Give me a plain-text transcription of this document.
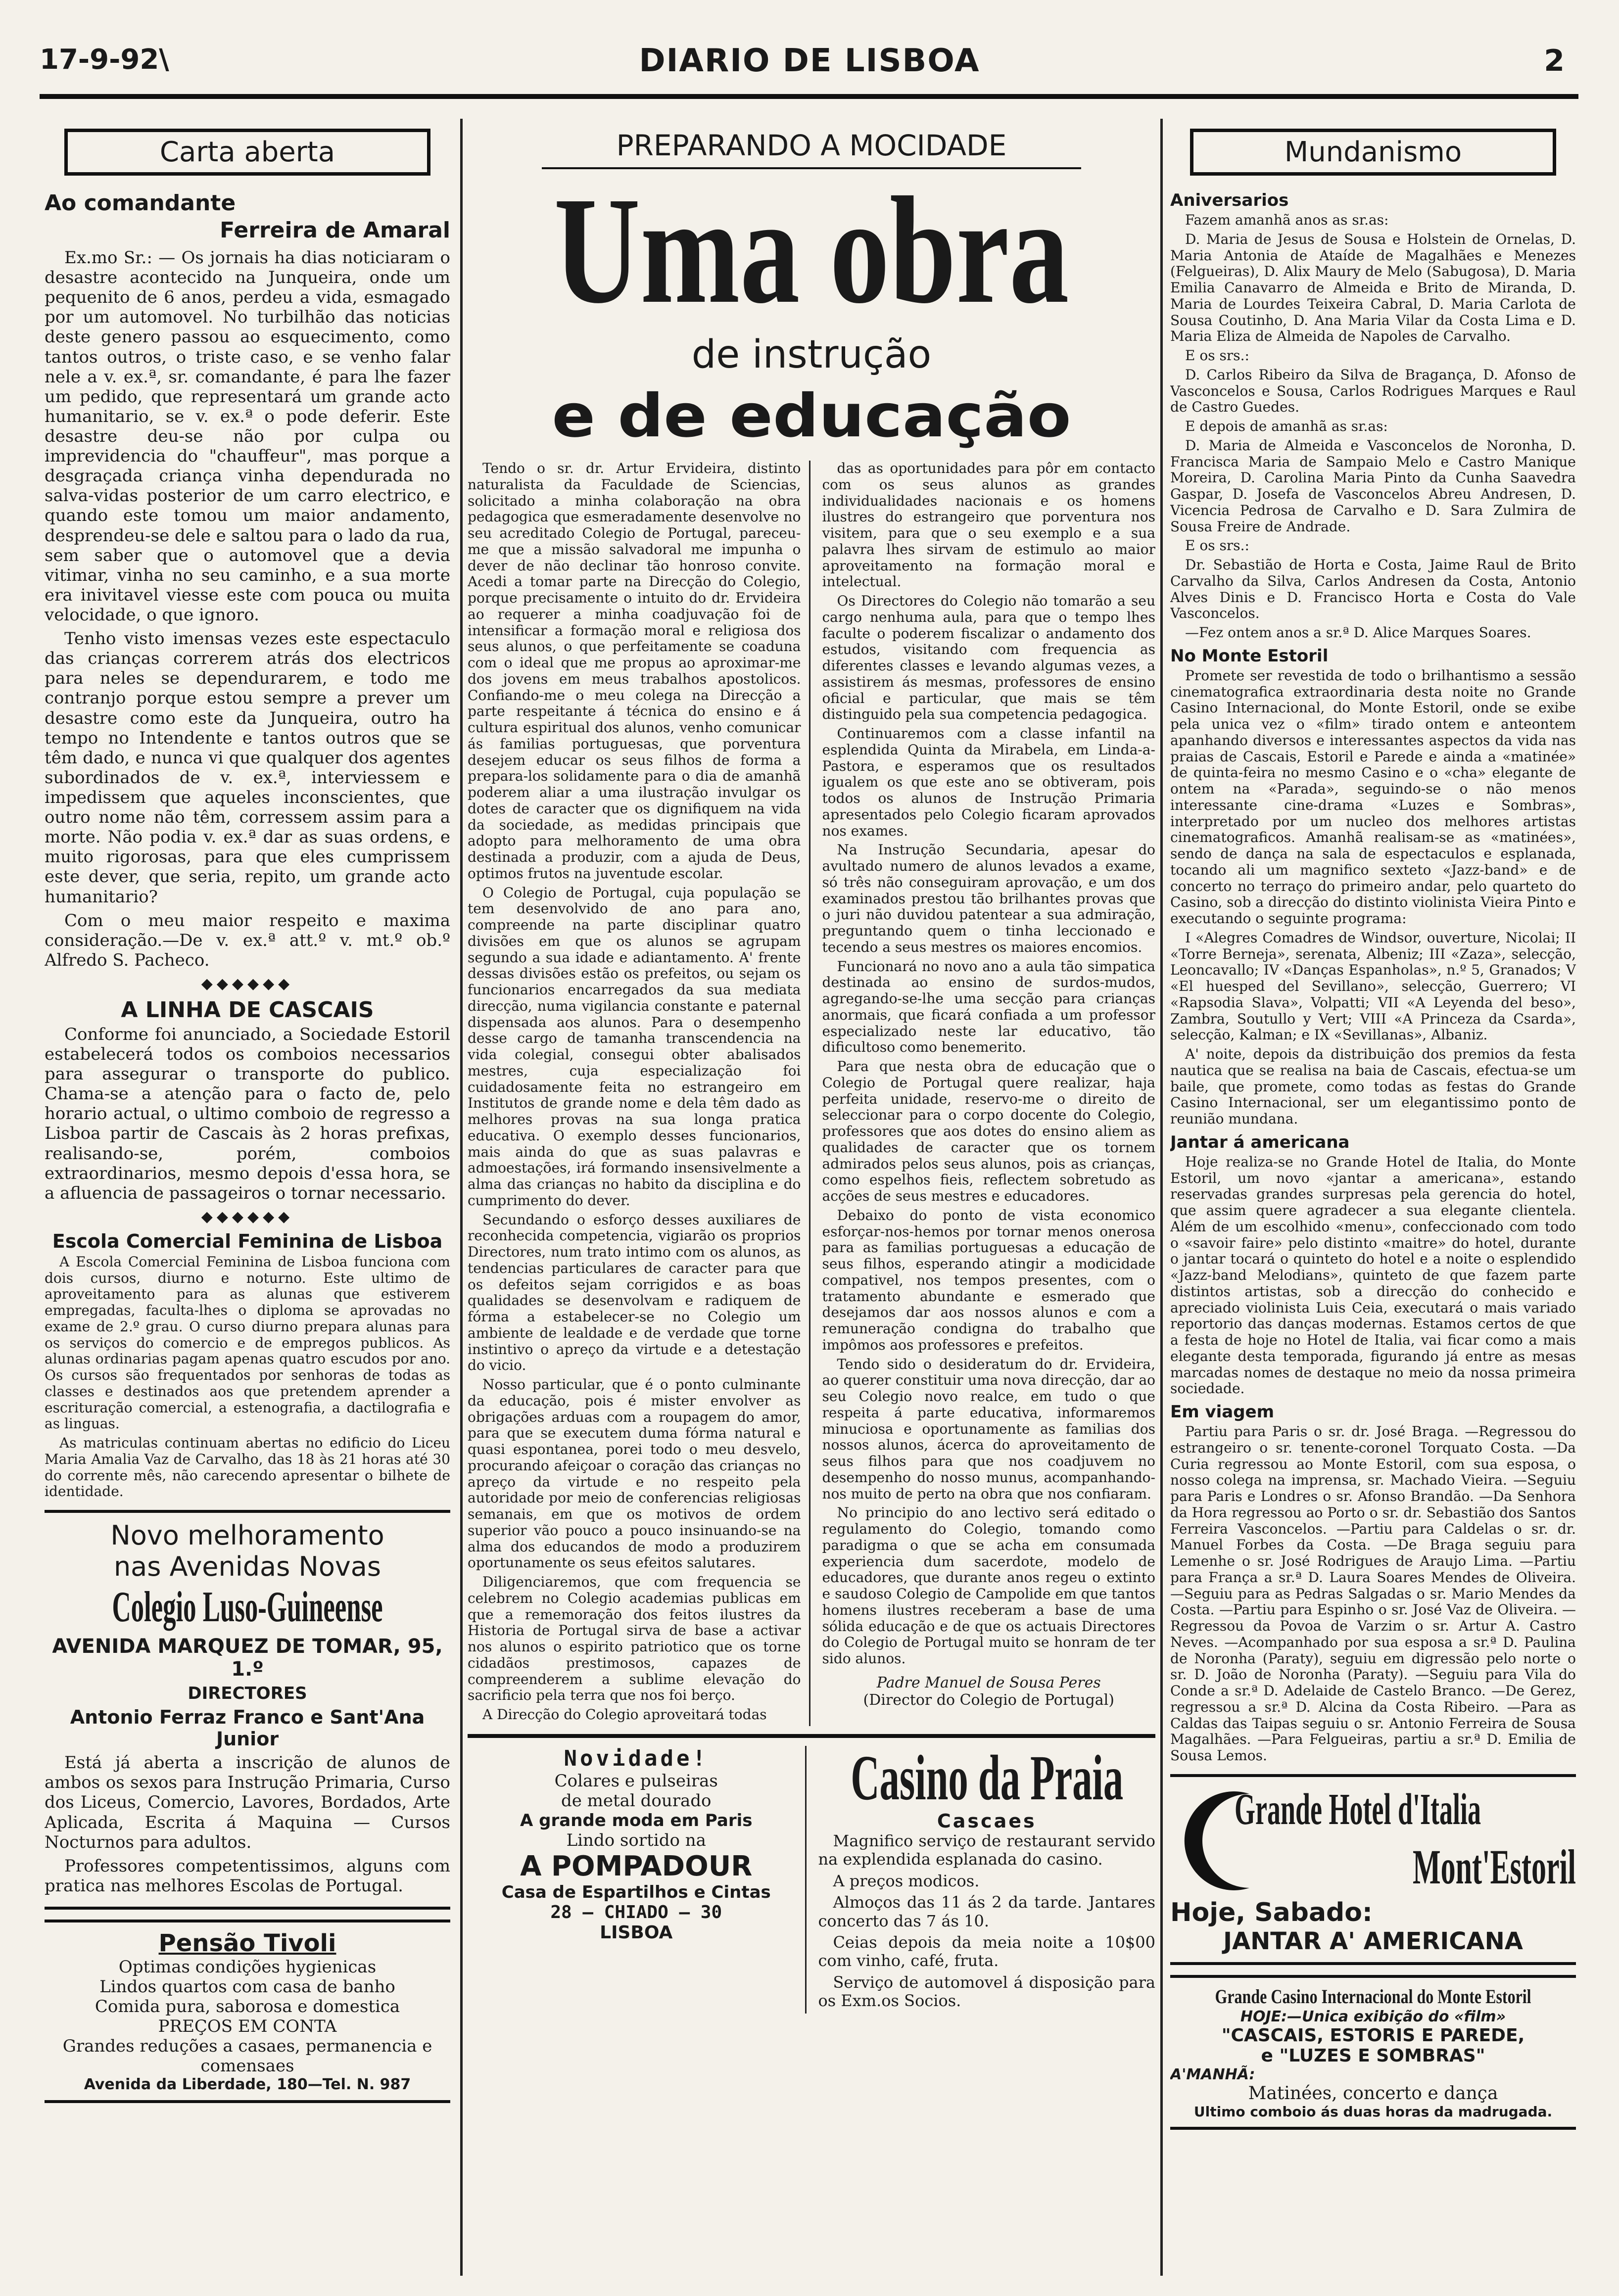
17-9-92\	DIARIO DE LISBOA	2
Carta aberta
Ao comandante
Ferreira de Amaral

Ex.mo Sr.: — Os jornais ha dias noticiaram o desastre acontecido na Junqueira, onde um pequenito de 6 anos, perdeu a vida, esmagado por um automovel. No turbilhão das noticias deste genero passou ao esquecimento, como tantos outros, o triste caso, e se venho falar nele a v. ex.ª, sr. comandante, é para lhe fazer um pedido, que representará um grande acto humanitario, se v. ex.ª o pode deferir. Este desastre deu-se não por culpa ou imprevidencia do "chauffeur", mas porque a desgraçada criança vinha dependurada no salva-vidas posterior de um carro electrico, e quando este tomou um maior andamento, desprendeu-se dele e saltou para o lado da rua, sem saber que o automovel que a devia vitimar, vinha no seu caminho, e a sua morte era inivitavel viesse este com pouca ou muita velocidade, o que ignoro.

Tenho visto imensas vezes este espectaculo das crianças correrem atrás dos electricos para neles se dependurarem, e todo me contranjo porque estou sempre a prever um desastre como este da Junqueira, outro ha tempo no Intendente e tantos outros que se têm dado, e nunca vi que qualquer dos agentes subordinados de v. ex.ª, interviessem e impedissem que aqueles inconscientes, que outro nome não têm, corressem assim para a morte. Não podia v. ex.ª dar as suas ordens, e muito rigorosas, para que eles cumprissem este dever, que seria, repito, um grande acto humanitario?

Com o meu maior respeito e maxima consideração.—De v. ex.ª att.º v. mt.º ob.º Alfredo S. Pacheco.

◆◆◆◆◆◆
A LINHA DE CASCAIS

Conforme foi anunciado, a Sociedade Estoril estabelecerá todos os comboios necessarios para assegurar o transporte do publico. Chama-se a atenção para o facto de, pelo horario actual, o ultimo comboio de regresso a Lisboa partir de Cascais às 2 horas prefixas, realisando-se, porém, comboios extraordinarios, mesmo depois d'essa hora, se a afluencia de passageiros o tornar necessario.

◆◆◆◆◆◆
Escola Comercial Feminina de Lisboa

A Escola Comercial Feminina de Lisboa funciona com dois cursos, diurno e noturno. Este ultimo de aproveitamento para as alunas que estiverem empregadas, faculta-lhes o diploma se aprovadas no exame de 2.º grau. O curso diurno prepara alunas para os serviços do comercio e de empregos publicos. As alunas ordinarias pagam apenas quatro escudos por ano. Os cursos são frequentados por senhoras de todas as classes e destinados aos que pretendem aprender a escrituração comercial, a estenografia, a dactilografia e as linguas.

As matriculas continuam abertas no edificio do Liceu Maria Amalia Vaz de Carvalho, das 18 às 21 horas até 30 do corrente mês, não carecendo apresentar o bilhete de identidade.

Novo melhoramento
nas Avenidas Novas
Colegio Luso-Guineense
AVENIDA MARQUEZ DE TOMAR, 95, 1.º
DIRECTORES
Antonio Ferraz Franco e Sant'Ana Junior

Está já aberta a inscrição de alunos de ambos os sexos para Instrução Primaria, Curso dos Liceus, Comercio, Lavores, Bordados, Arte Aplicada, Escrita á Maquina — Cursos Nocturnos para adultos.

Professores competentissimos, alguns com pratica nas melhores Escolas de Portugal.

Pensão Tivoli
Optimas condições hygienicas
Lindos quartos com casa de banho
Comida pura, saborosa e domestica
PREÇOS EM CONTA
Grandes reduções a casaes, permanencia e comensaes
Avenida da Liberdade, 180—Tel. N. 987
PREPARANDO A MOCIDADE
Uma obra
de instrução
e de educação

Tendo o sr. dr. Artur Ervideira, distinto naturalista da Faculdade de Sciencias, solicitado a minha colaboração na obra pedagogica que esmeradamente desenvolve no seu acreditado Colegio de Portugal, pareceu-me que a missão salvadoral me impunha o dever de não declinar tão honroso convite. Acedi a tomar parte na Direcção do Colegio, porque precisamente o intuito do dr. Ervideira ao requerer a minha coadjuvação foi de intensificar a formação moral e religiosa dos seus alunos, o que perfeitamente se coaduna com o ideal que me propus ao aproximar-me dos jovens em meus trabalhos apostolicos. Confiando-me o meu colega na Direcção a parte respeitante á técnica do ensino e á cultura espiritual dos alunos, venho comunicar ás familias portuguesas, que porventura desejem educar os seus filhos de forma a prepara-los solidamente para o dia de amanhã poderem aliar a uma ilustração invulgar os dotes de caracter que os dignifiquem na vida da sociedade, as medidas principais que adopto para melhoramento de uma obra destinada a produzir, com a ajuda de Deus, optimos frutos na juventude escolar.

O Colegio de Portugal, cuja população se tem desenvolvido de ano para ano, compreende na parte disciplinar quatro divisões em que os alunos se agrupam segundo a sua idade e adiantamento. A' frente dessas divisões estão os prefeitos, ou sejam os funcionarios encarregados da sua mediata direcção, numa vigilancia constante e paternal dispensada aos alunos. Para o desempenho desse cargo de tamanha transcendencia na vida colegial, consegui obter abalisados mestres, cuja especialização foi cuidadosamente feita no estrangeiro em Institutos de grande nome e dela têm dado as melhores provas na sua longa pratica educativa. O exemplo desses funcionarios, mais ainda do que as suas palavras e admoestações, irá formando insensivelmente a alma das crianças no habito da disciplina e do cumprimento do dever.

Secundando o esforço desses auxiliares de reconhecida competencia, vigiarão os proprios Directores, num trato intimo com os alunos, as tendencias particulares de caracter para que os defeitos sejam corrigidos e as boas qualidades se desenvolvam e radiquem de fórma a estabelecer-se no Colegio um ambiente de lealdade e de verdade que torne instintivo o apreço da virtude e a detestação do vicio.

Nosso particular, que é o ponto culminante da educação, pois é mister envolver as obrigações arduas com a roupagem do amor, para que se executem duma fórma natural e quasi espontanea, porei todo o meu desvelo, procurando afeiçoar o coração das crianças no apreço da virtude e no respeito pela autoridade por meio de conferencias religiosas semanais, em que os motivos de ordem superior vão pouco a pouco insinuando-se na alma dos educandos de modo a produzirem oportunamente os seus efeitos salutares.

Diligenciaremos, que com frequencia se celebrem no Colegio academias publicas em que a rememoração dos feitos ilustres da Historia de Portugal sirva de base a activar nos alunos o espirito patriotico que os torne cidadãos prestimosos, capazes de compreenderem a sublime elevação do sacrificio pela terra que nos foi berço.

A Direcção do Colegio aproveitará todas

das as oportunidades para pôr em contacto com os seus alunos as grandes individualidades nacionais e os homens ilustres do estrangeiro que porventura nos visitem, para que o seu exemplo e a sua palavra lhes sirvam de estimulo ao maior aproveitamento na formação moral e intelectual.

Os Directores do Colegio não tomarão a seu cargo nenhuma aula, para que o tempo lhes faculte o poderem fiscalizar o andamento dos estudos, visitando com frequencia as diferentes classes e levando algumas vezes, a assistirem ás mesmas, professores de ensino oficial e particular, que mais se têm distinguido pela sua competencia pedagogica.

Continuaremos com a classe infantil na esplendida Quinta da Mirabela, em Linda-a-Pastora, e esperamos que os resultados igualem os que este ano se obtiveram, pois todos os alunos de Instrução Primaria apresentados pelo Colegio ficaram aprovados nos exames.

Na Instrução Secundaria, apesar do avultado numero de alunos levados a exame, só três não conseguiram aprovação, e um dos examinados prestou tão brilhantes provas que o juri não duvidou patentear a sua admiração, preguntando quem o tinha leccionado e tecendo a seus mestres os maiores encomios.

Funcionará no novo ano a aula tão simpatica destinada ao ensino de surdos-mudos, agregando-se-lhe uma secção para crianças anormais, que ficará confiada a um professor especializado neste lar educativo, tão dificultoso como benemerito.

Para que nesta obra de educação que o Colegio de Portugal quere realizar, haja perfeita unidade, reservo-me o direito de seleccionar para o corpo docente do Colegio, professores que aos dotes do ensino aliem as qualidades de caracter que os tornem admirados pelos seus alunos, pois as crianças, como espelhos fieis, reflectem sobretudo as acções de seus mestres e educadores.

Debaixo do ponto de vista economico esforçar-nos-hemos por tornar menos onerosa para as familias portuguesas a educação de seus filhos, esperando atingir a modicidade compativel, nos tempos presentes, com o tratamento abundante e esmerado que desejamos dar aos nossos alunos e com a remuneração condigna do trabalho que impômos aos professores e prefeitos.

Tendo sido o desideratum do dr. Ervideira, ao querer constituir uma nova direcção, dar ao seu Colegio novo realce, em tudo o que respeita á parte educativa, informaremos minuciosa e oportunamente as familias dos nossos alunos, ácerca do aproveitamento de seus filhos para que nos coadjuvem no desempenho do nosso munus, acompanhando-nos muito de perto na obra que nos confiaram.

No principio do ano lectivo será editado o regulamento do Colegio, tomando como paradigma o que se acha em consumada experiencia dum sacerdote, modelo de educadores, que durante anos regeu o extinto e saudoso Colegio de Campolide em que tantos homens ilustres receberam a base de uma sólida educação e de que os actuais Directores do Colegio de Portugal muito se honram de ter sido alunos.

Padre Manuel de Sousa Peres
(Director do Colegio de Portugal)
Novidade!
Colares e pulseiras
de metal dourado
A grande moda em Paris
Lindo sortido na
A POMPADOUR
Casa de Espartilhos e Cintas
28 — CHIADO — 30
LISBOA
Casino da Praia
Cascaes

Magnifico serviço de restaurant servido na explendida esplanada do casino.

A preços modicos.

Almoços das 11 ás 2 da tarde. Jantares concerto das 7 ás 10.

Ceias depois da meia noite a 10$00 com vinho, café, fruta.

Serviço de automovel á disposição para os Exm.os Socios.

Mundanismo
Aniversarios

Fazem amanhã anos as sr.as:

D. Maria de Jesus de Sousa e Holstein de Ornelas, D. Maria Antonia de Ataíde de Magalhães e Menezes (Felgueiras), D. Alix Maury de Melo (Sabugosa), D. Maria Emilia Canavarro de Almeida e Brito de Miranda, D. Maria de Lourdes Teixeira Cabral, D. Maria Carlota de Sousa Coutinho, D. Ana Maria Vilar da Costa Lima e D. Maria Eliza de Almeida de Napoles de Carvalho.

E os srs.:

D. Carlos Ribeiro da Silva de Bragança, D. Afonso de Vasconcelos e Sousa, Carlos Rodrigues Marques e Raul de Castro Guedes.

E depois de amanhã as sr.as:

D. Maria de Almeida e Vasconcelos de Noronha, D. Francisca Maria de Sampaio Melo e Castro Manique Moreira, D. Carolina Maria Pinto da Cunha Saavedra Gaspar, D. Josefa de Vasconcelos Abreu Andresen, D. Vicencia Pedrosa de Carvalho e D. Sara Zulmira de Sousa Freire de Andrade.

E os srs.:

Dr. Sebastião de Horta e Costa, Jaime Raul de Brito Carvalho da Silva, Carlos Andresen da Costa, Antonio Alves Dinis e D. Francisco Horta e Costa do Vale Vasconcelos.

—Fez ontem anos a sr.ª D. Alice Marques Soares.

No Monte Estoril

Promete ser revestida de todo o brilhantismo a sessão cinematografica extraordinaria desta noite no Grande Casino Internacional, do Monte Estoril, onde se exibe pela unica vez o «film» tirado ontem e anteontem apanhando diversos e interessantes aspectos da vida nas praias de Cascais, Estoril e Parede e ainda a «matinée» de quinta-feira no mesmo Casino e o «cha» elegante de ontem na «Parada», seguindo-se o não menos interessante cine-drama «Luzes e Sombras», interpretado por um nucleo dos melhores artistas cinematograficos. Amanhã realisam-se as «matinées», sendo de dança na sala de espectaculos e esplanada, tocando ali um magnifico sexteto «Jazz-band» e de concerto no terraço do primeiro andar, pelo quarteto do Casino, sob a direcção do distinto violinista Vieira Pinto e executando o seguinte programa:

I «Alegres Comadres de Windsor, ouverture, Nicolai; II «Torre Berneja», serenata, Albeniz; III «Zaza», selecção, Leoncavallo; IV «Danças Espanholas», n.º 5, Granados; V «El huesped del Sevillano», selecção, Guerrero; VI «Rapsodia Slava», Volpatti; VII «A Leyenda del beso», Zambra, Soutullo y Vert; VIII «A Princeza da Csarda», selecção, Kalman; e IX «Sevillanas», Albaniz.

A' noite, depois da distribuição dos premios da festa nautica que se realisa na baia de Cascais, efectua-se um baile, que promete, como todas as festas do Grande Casino Internacional, ser um elegantissimo ponto de reunião mundana.

Jantar á americana

Hoje realiza-se no Grande Hotel de Italia, do Monte Estoril, um novo «jantar a americana», estando reservadas grandes surpresas pela gerencia do hotel, que assim quere agradecer a sua elegante clientela. Além de um escolhido «menu», confeccionado com todo o «savoir faire» pelo distinto «maitre» do hotel, durante o jantar tocará o quinteto do hotel e a noite o esplendido «Jazz-band Melodians», quinteto de que fazem parte distintos artistas, sob a direcção do conhecido e apreciado violinista Luis Ceia, executará o mais variado reportorio das danças modernas. Estamos certos de que a festa de hoje no Hotel de Italia, vai ficar como a mais elegante desta temporada, figurando já entre as mesas marcadas nomes de destaque no meio da nossa primeira sociedade.

Em viagem

Partiu para Paris o sr. dr. José Braga. —Regressou do estrangeiro o sr. tenente-coronel Torquato Costa. —Da Curia regressou ao Monte Estoril, com sua esposa, o nosso colega na imprensa, sr. Machado Vieira. —Seguiu para Paris e Londres o sr. Afonso Brandão. —Da Senhora da Hora regressou ao Porto o sr. dr. Sebastião dos Santos Ferreira Vasconcelos. —Partiu para Caldelas o sr. dr. Manuel Forbes da Costa. —De Braga seguiu para Lemenhe o sr. José Rodrigues de Araujo Lima. —Partiu para França a sr.ª D. Laura Soares Mendes de Oliveira. —Seguiu para as Pedras Salgadas o sr. Mario Mendes da Costa. —Partiu para Espinho o sr. José Vaz de Oliveira. —Regressou da Povoa de Varzim o sr. Artur A. Castro Neves. —Acompanhado por sua esposa a sr.ª D. Paulina de Noronha (Paraty), seguiu em digressão pelo norte o sr. D. João de Noronha (Paraty). —Seguiu para Vila do Conde a sr.ª D. Adelaide de Castelo Branco. —De Gerez, regressou a sr.ª D. Alcina da Costa Ribeiro. —Para as Caldas das Taipas seguiu o sr. Antonio Ferreira de Sousa Magalhães. —Para Felgueiras, partiu a sr.ª D. Emilia de Sousa Lemos.

Grande Hotel d'Italia
Mont'Estoril
Hoje, Sabado:
JANTAR A' AMERICANA
Grande Casino Internacional do Monte Estoril
HOJE:—Unica exibição do «film»
"CASCAIS, ESTORIS E PAREDE,
e "LUZES E SOMBRAS"
A'MANHÃ:
Matinées, concerto e dança
Ultimo comboio ás duas horas da madrugada.
